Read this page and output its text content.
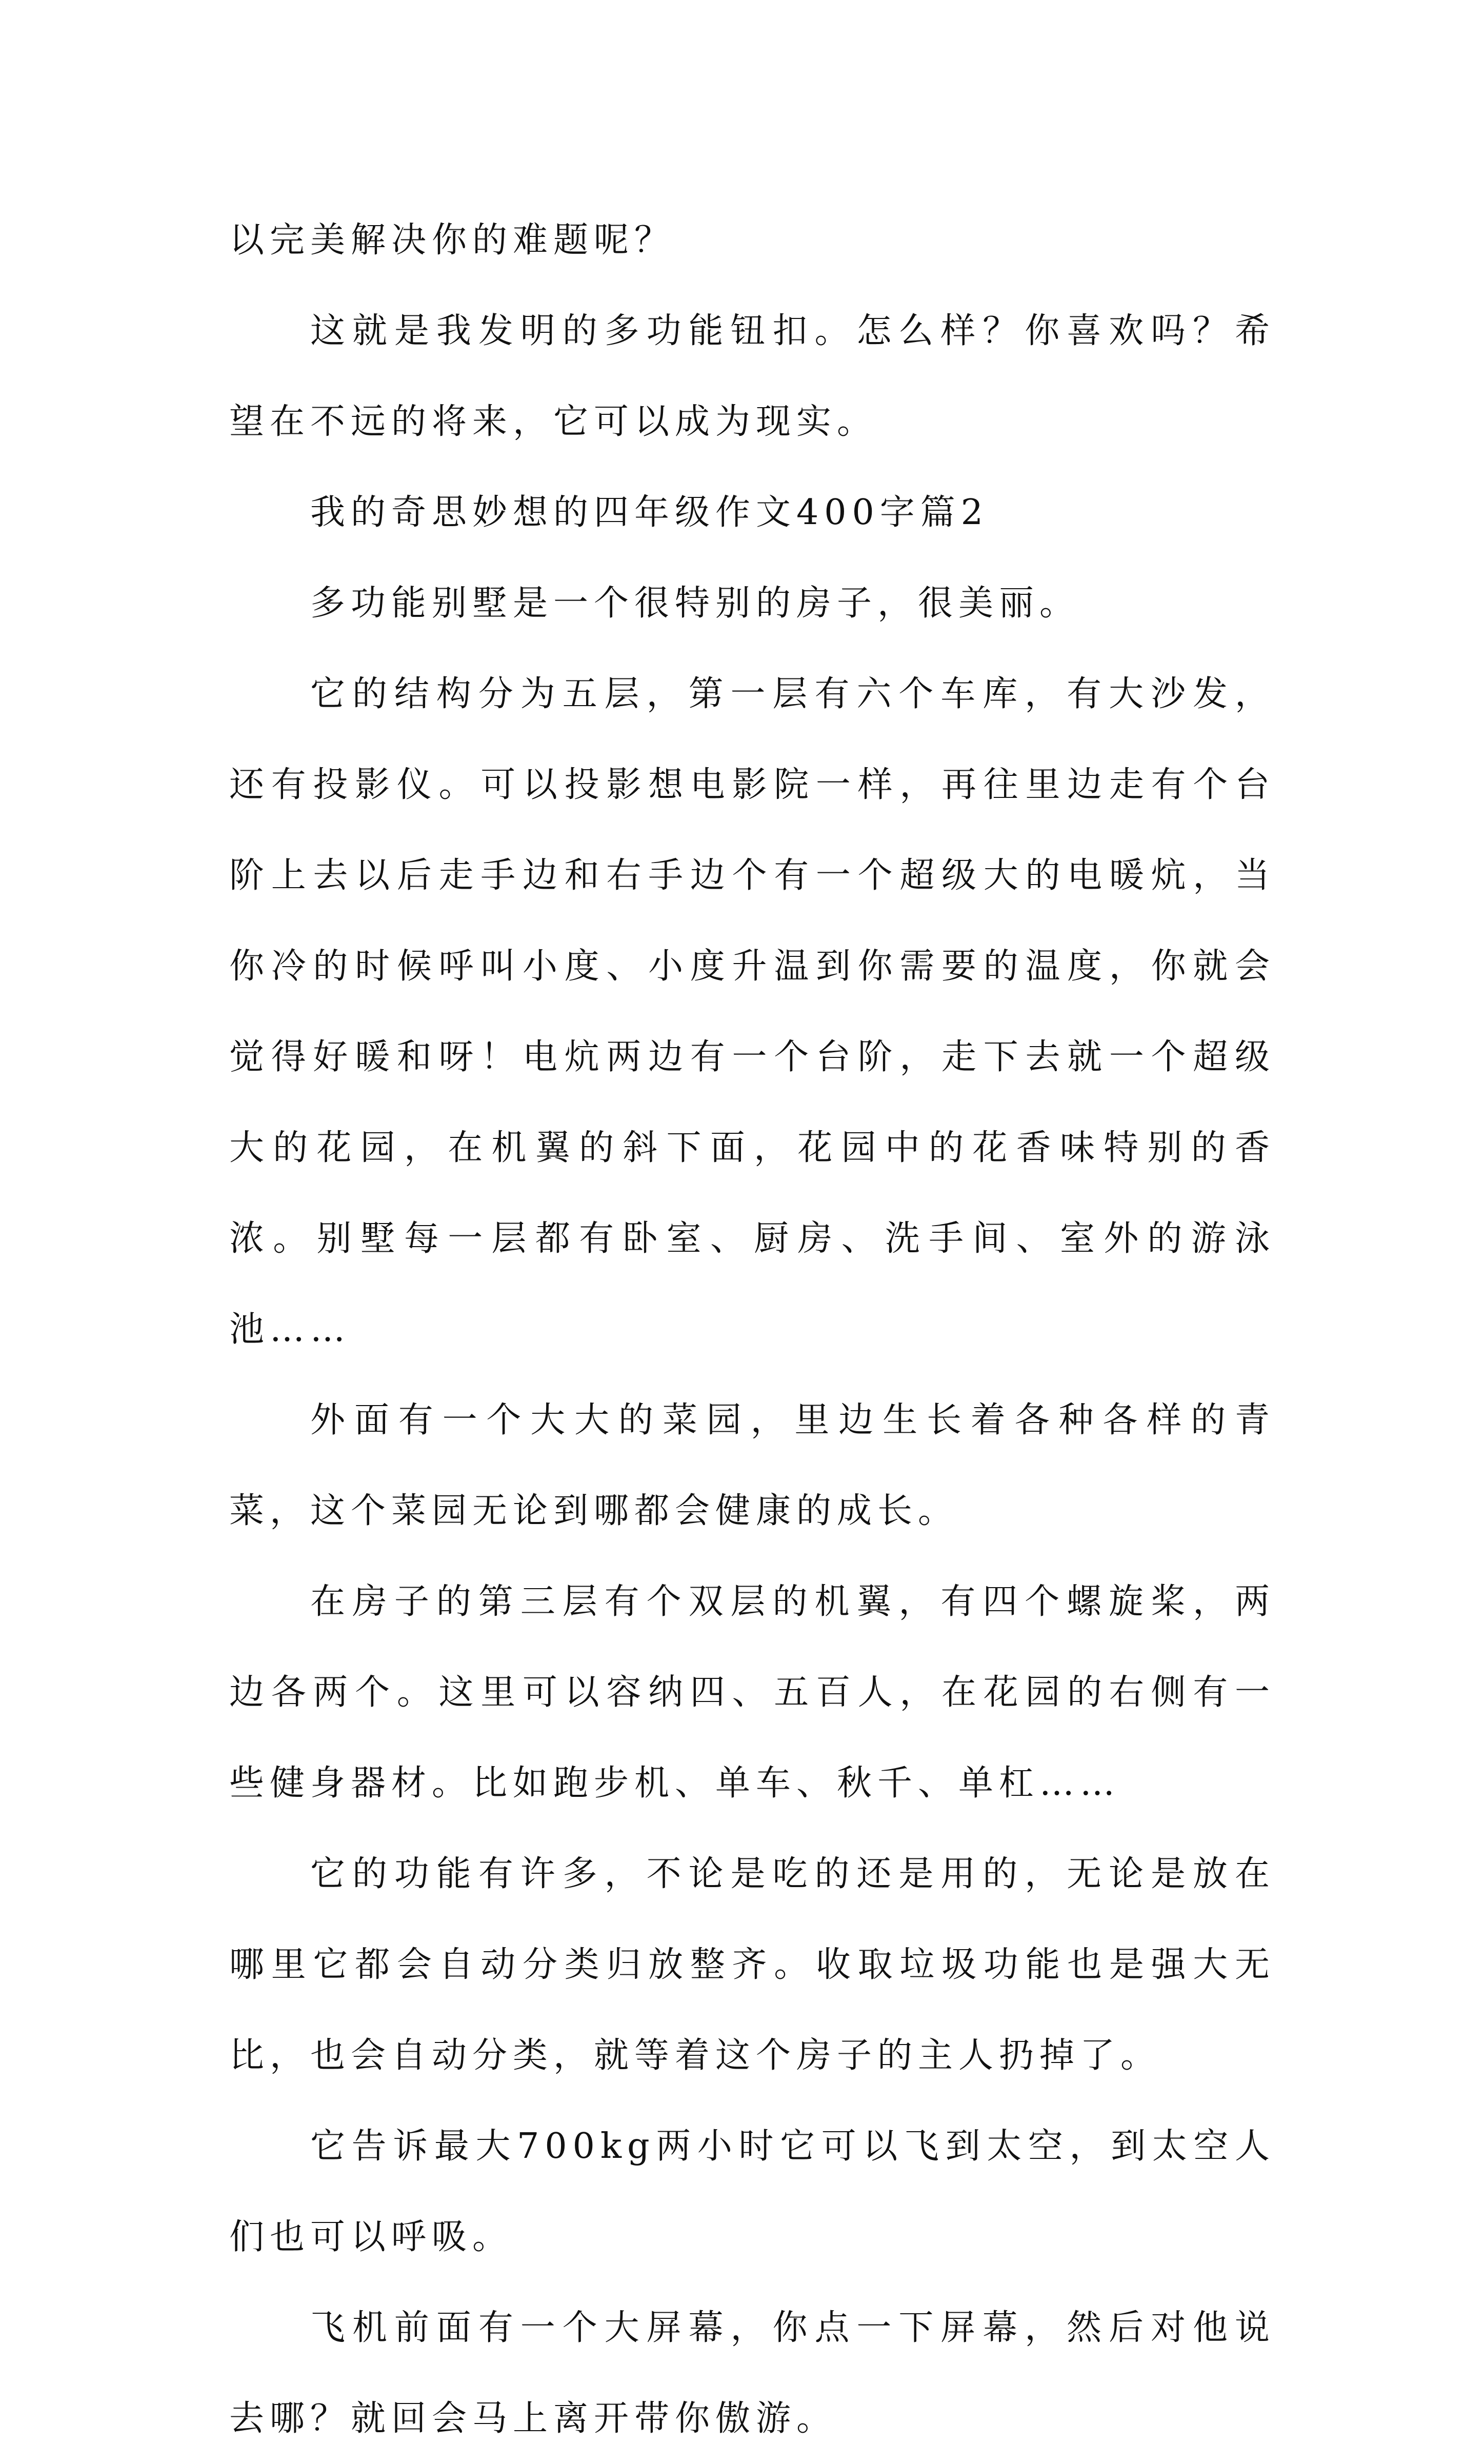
以完美解决你的难题呢？

这就是我发明的多功能钮扣。怎么样？你喜欢吗？希望在不远的将来，它可以成为现实。

我的奇思妙想的四年级作文400字篇2

多功能别墅是一个很特别的房子，很美丽。

它的结构分为五层，第一层有六个车库，有大沙发，还有投影仪。可以投影想电影院一样，再往里边走有个台阶上去以后走手边和右手边个有一个超级大的电暖炕，当你冷的时候呼叫小度、小度升温到你需要的温度，你就会觉得好暖和呀！电炕两边有一个台阶，走下去就一个超级大的花园，在机翼的斜下面，花园中的花香味特别的香浓。别墅每一层都有卧室、厨房、洗手间、室外的游泳池……

外面有一个大大的菜园，里边生长着各种各样的青菜，这个菜园无论到哪都会健康的成长。

在房子的第三层有个双层的机翼，有四个螺旋桨，两边各两个。这里可以容纳四、五百人，在花园的右侧有一些健身器材。比如跑步机、单车、秋千、单杠……

它的功能有许多，不论是吃的还是用的，无论是放在哪里它都会自动分类归放整齐。收取垃圾功能也是强大无比，也会自动分类，就等着这个房子的主人扔掉了。

它告诉最大700kg两小时它可以飞到太空，到太空人们也可以呼吸。

飞机前面有一个大屏幕，你点一下屏幕，然后对他说去哪？就回会马上离开带你傲游。
